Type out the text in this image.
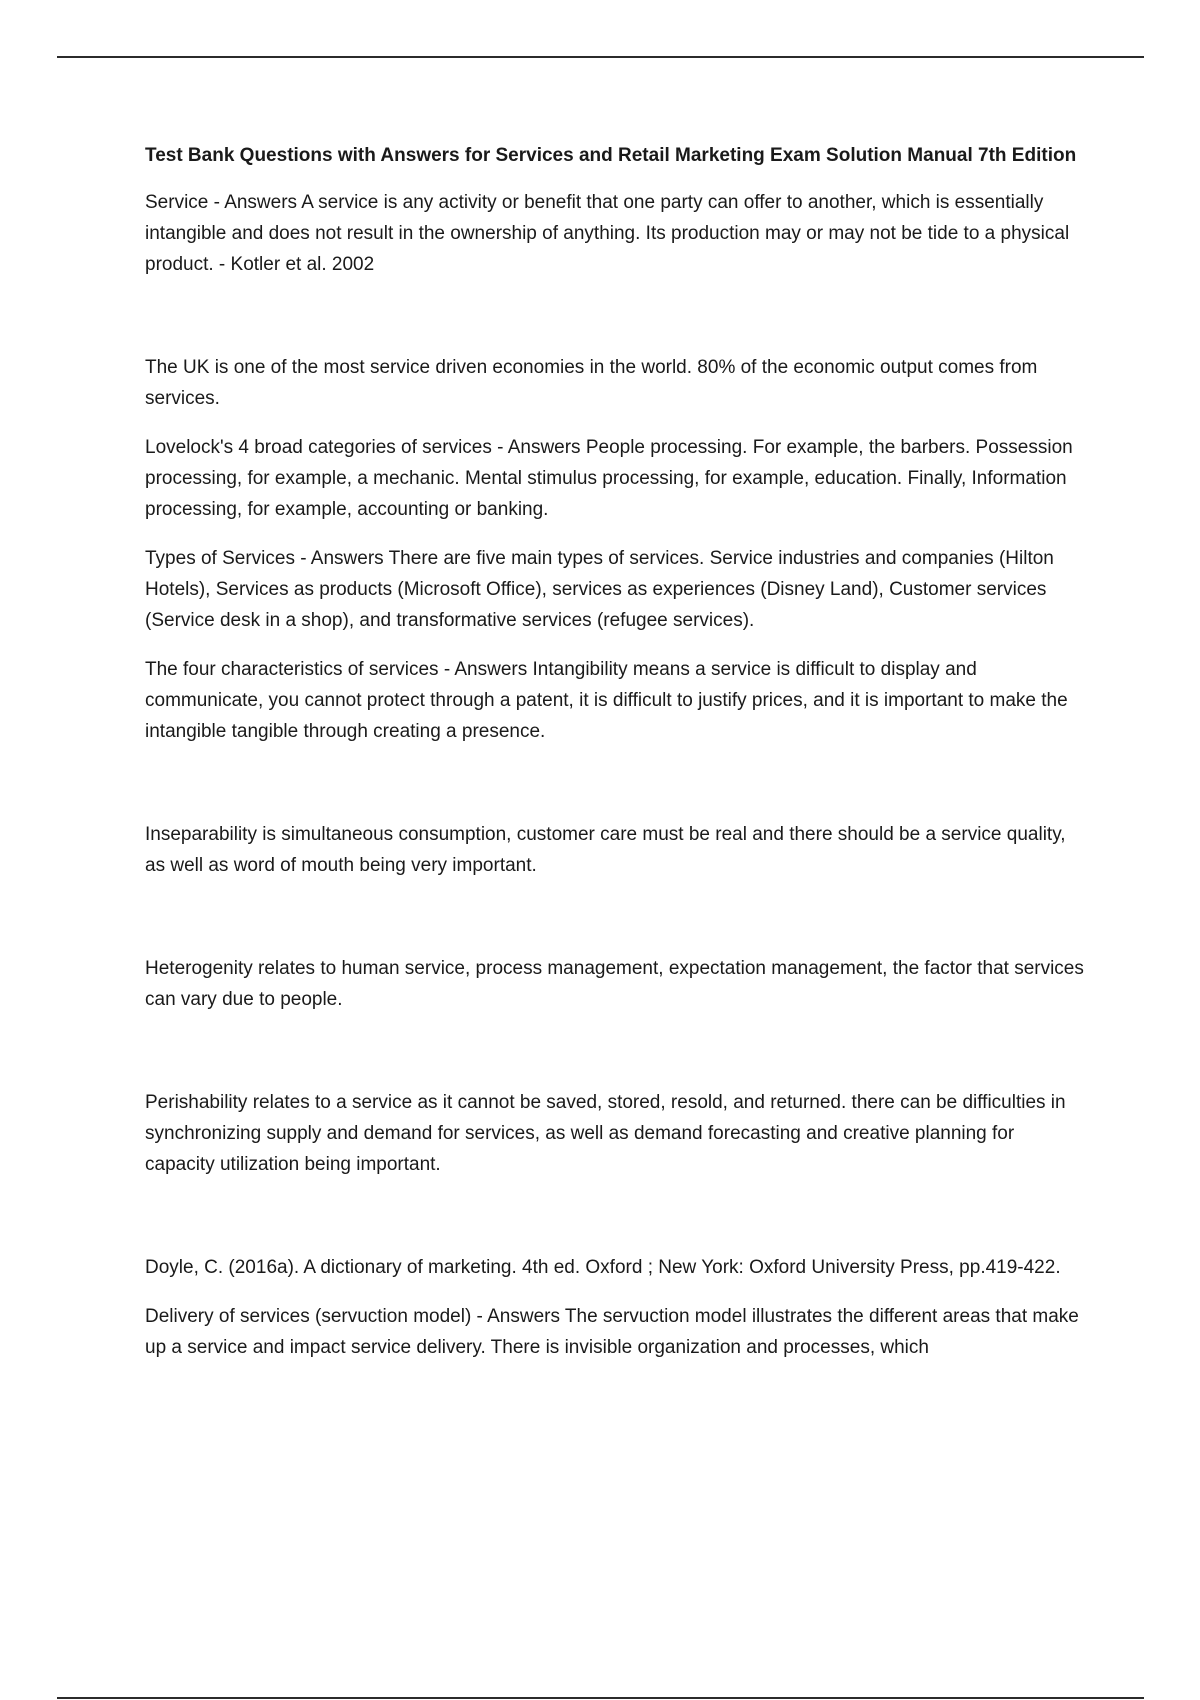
Test Bank Questions with Answers for Services and Retail Marketing Exam Solution Manual 7th Edition

Service - Answers A service is any activity or benefit that one party can offer to another, which is essentially intangible and does not result in the ownership of anything. Its production may or may not be tide to a physical product. - Kotler et al. 2002

The UK is one of the most service driven economies in the world. 80% of the economic output comes from services.

Lovelock's 4 broad categories of services - Answers People processing. For example, the barbers. Possession processing, for example, a mechanic. Mental stimulus processing, for example, education. Finally, Information processing, for example, accounting or banking.

Types of Services - Answers There are five main types of services. Service industries and companies (Hilton Hotels), Services as products (Microsoft Office), services as experiences (Disney Land), Customer services (Service desk in a shop), and transformative services (refugee services).

The four characteristics of services - Answers Intangibility means a service is difficult to display and communicate, you cannot protect through a patent, it is difficult to justify prices, and it is important to make the intangible tangible through creating a presence.

Inseparability is simultaneous consumption, customer care must be real and there should be a service quality, as well as word of mouth being very important.

Heterogenity relates to human service, process management, expectation management, the factor that services can vary due to people.

Perishability relates to a service as it cannot be saved, stored, resold, and returned. there can be difficulties in synchronizing supply and demand for services, as well as demand forecasting and creative planning for capacity utilization being important.

Doyle, C. (2016a). A dictionary of marketing. 4th ed. Oxford ; New York: Oxford University Press, pp.419-422.

Delivery of services (servuction model) - Answers The servuction model illustrates the different areas that make up a service and impact service delivery. There is invisible organization and processes, which
